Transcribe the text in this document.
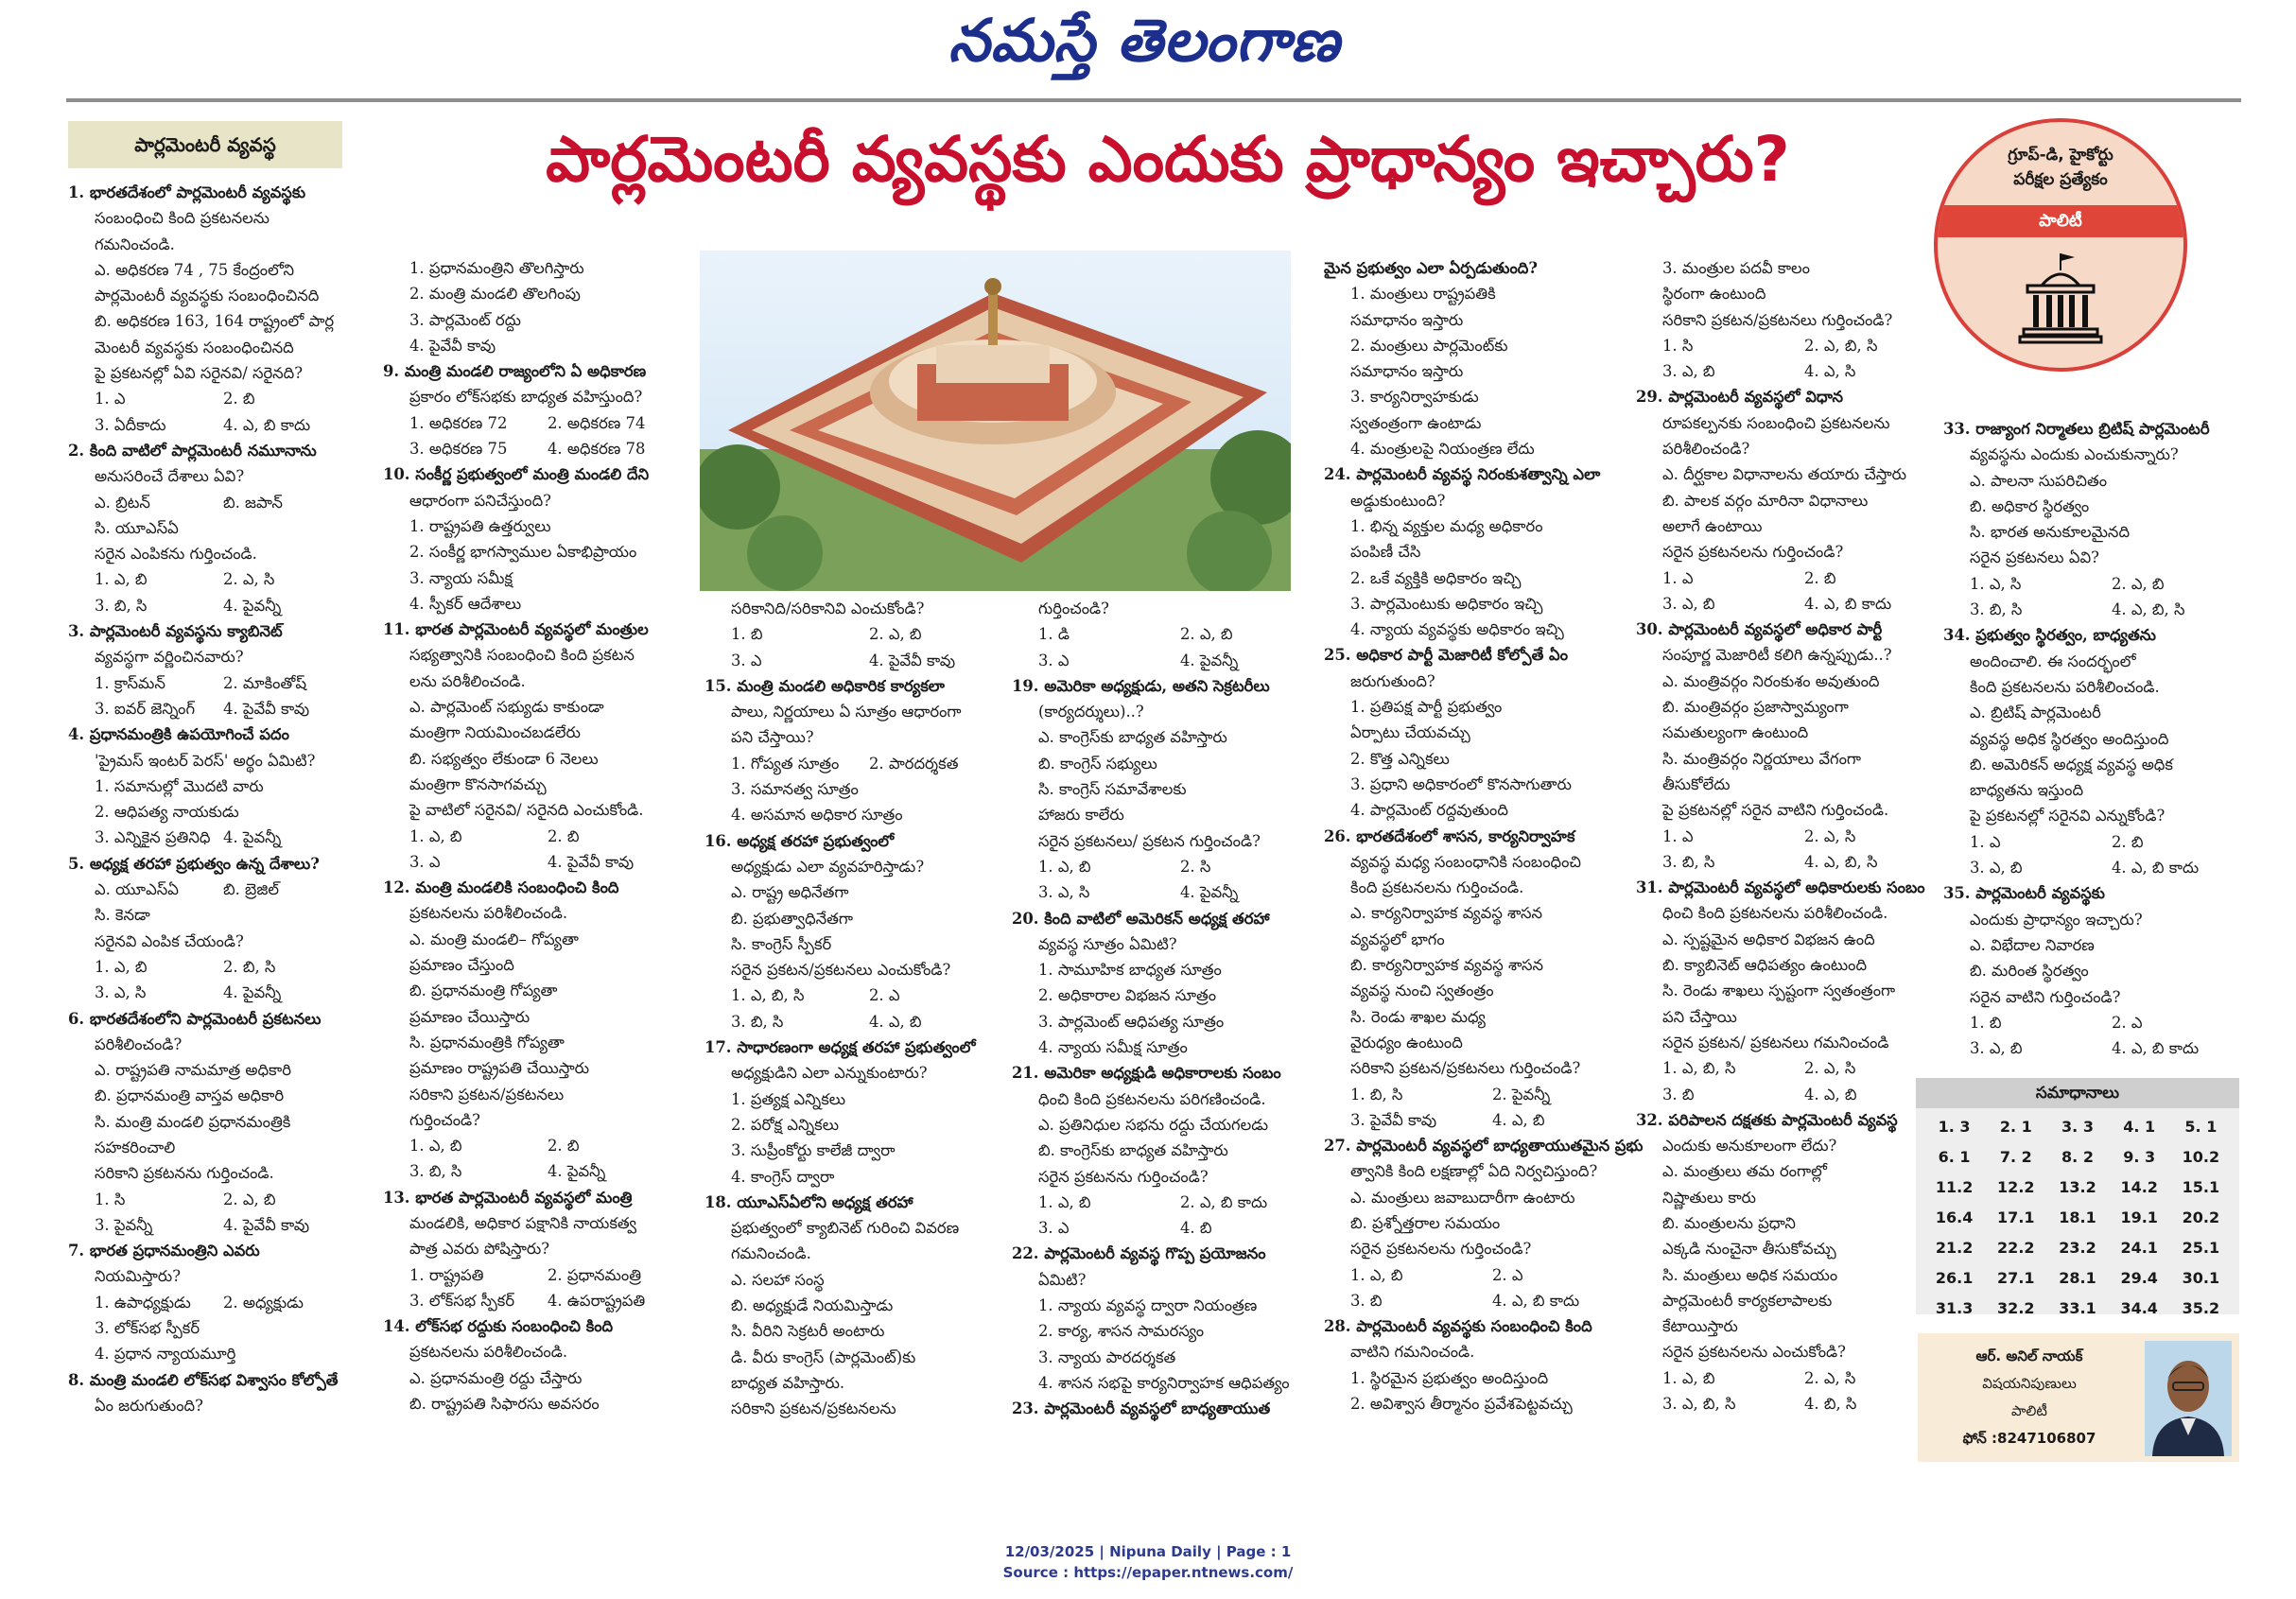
నమస్తే తెలంగాణ
పార్లమెంటరీ వ్యవస్థ	పార్లమెంటరీ వ్యవస్థకు ఎందుకు ప్రాధాన్యం ఇచ్చారు?	గ్రూప్‌-డి, హైకోర్టు
పరీక్షల ప్రత్యేకం
పాలిటీ

1. భారతదేశంలో పార్లమెంటరీ వ్యవస్థకు

సంబంధించి కింది ప్రకటనలను

గమనించండి.

ఎ. అధికరణ 74 , 75 కేంద్రంలోని

పార్లమెంటరీ వ్యవస్థకు సంబంధించినది

బి. అధికరణ 163, 164 రాష్ట్రంలో పార్ల

మెంటరీ వ్యవస్థకు సంబంధించినది

పై ప్రకటనల్లో ఏవి సరైనవి/ సరైనది?

1. ఎ	2. బి

3. ఏదీకాదు	4. ఎ, బి కాదు

2. కింది వాటిలో పార్లమెంటరీ నమూనాను

అనుసరించే దేశాలు ఏవి?

ఎ. బ్రిటన్‌	బి. జపాన్‌

సి. యూఎస్‌ఏ

సరైన ఎంపికను గుర్తించండి.

1. ఎ, బి	2. ఎ, సి

3. బి, సి	4. పైవన్నీ

3. పార్లమెంటరీ వ్యవస్థను క్యాబినెట్‌

వ్యవస్థగా వర్ణించినవారు?

1. క్రాస్‌మన్‌	2. మాకింతోష్‌

3. ఐవర్‌ జెన్నింగ్‌	4. పైవేవీ కావు

4. ప్రధానమంత్రికి ఉపయోగించే పదం

'ప్రైమస్‌ ఇంటర్‌ పెరస్‌' అర్థం ఏమిటి?

1. సమానుల్లో మొదటి వారు

2. ఆధిపత్య నాయకుడు

3. ఎన్నికైన ప్రతినిధి 4. పైవన్నీ

5. అధ్యక్ష తరహా ప్రభుత్వం ఉన్న దేశాలు?

ఎ. యూఎస్‌ఏ	బి. బ్రెజిల్‌

సి. కెనడా

సరైనవి ఎంపిక చేయండి?

1. ఎ, బి	2. బి, సి

3. ఎ, సి	4. పైవన్నీ

6. భారతదేశంలోని పార్లమెంటరీ ప్రకటనలు

పరిశీలించండి?

ఎ. రాష్ట్రపతి నామమాత్ర అధికారి

బి. ప్రధానమంత్రి వాస్తవ అధికారి

సి. మంత్రి మండలి ప్రధానమంత్రికి

సహకరించాలి

సరికాని ప్రకటనను గుర్తించండి.

1. సి	2. ఎ, బి

3. పైవన్నీ	4. పైవేవీ కావు

7. భారత ప్రధానమంత్రిని ఎవరు

నియమిస్తారు?

1. ఉపాధ్యక్షుడు	2. అధ్యక్షుడు

3. లోక్‌సభ స్పీకర్‌

4. ప్రధాన న్యాయమూర్తి

8. మంత్రి మండలి లోక్‌సభ విశ్వాసం కోల్పోతే

ఏం జరుగుతుంది?

1. ప్రధానమంత్రిని తొలగిస్తారు

2. మంత్రి మండలి తొలగింపు

3. పార్లమెంట్‌ రద్దు

4. పైవేవీ కావు

9. మంత్రి మండలి రాజ్యంలోని ఏ అధికారణ

ప్రకారం లోక్‌సభకు బాధ్యత వహిస్తుంది?

1. అధికరణ 72	2. అధికరణ 74

3. అధికరణ 75	4. అధికరణ 78

10. సంకీర్ణ ప్రభుత్వంలో మంత్రి మండలి దేని

ఆధారంగా పనిచేస్తుంది?

1. రాష్ట్రపతి ఉత్తర్వులు

2. సంకీర్ణ భాగస్వాముల ఏకాభిప్రాయం

3. న్యాయ సమీక్ష

4. స్పీకర్‌ ఆదేశాలు

11. భారత పార్లమెంటరీ వ్యవస్థలో మంత్రుల

సభ్యత్వానికి సంబంధించి కింది ప్రకటన

లను పరిశీలించండి.

ఎ. పార్లమెంట్‌ సభ్యుడు కాకుండా

మంత్రిగా నియమించబడలేరు

బి. సభ్యత్వం లేకుండా 6 నెలలు

మంత్రిగా కొనసాగవచ్చు

పై వాటిలో సరైనవి/ సరైనది ఎంచుకోండి.

1. ఎ, బి	2. బి

3. ఎ	4. పైవేవీ కావు

12. మంత్రి మండలికి సంబంధించి కింది

ప్రకటనలను పరిశీలించండి.

ఎ. మంత్రి మండలి– గోప్యతా

ప్రమాణం చేస్తుంది

బి. ప్రధానమంత్రి గోప్యతా

ప్రమాణం చేయిస్తారు

సి. ప్రధానమంత్రికి గోప్యతా

ప్రమాణం రాష్ట్రపతి చేయిస్తారు

సరికాని ప్రకటన/ప్రకటనలు

గుర్తించండి?

1. ఎ, బి	2. బి

3. బి, సి	4. పైవన్నీ

13. భారత పార్లమెంటరీ వ్యవస్థలో మంత్రి

మండలికి, అధికార పక్షానికి నాయకత్వ

పాత్ర ఎవరు పోషిస్తారు?

1. రాష్ట్రపతి	2. ప్రధానమంత్రి

3. లోక్‌సభ స్పీకర్‌	4. ఉపరాష్ట్రపతి

14. లోక్‌సభ రద్దుకు సంబంధించి కింది

ప్రకటనలను పరిశీలించండి.

ఎ. ప్రధానమంత్రి రద్దు చేస్తారు

బి. రాష్ట్రపతి సిఫారసు అవసరం

సరికానిది/సరికానివి ఎంచుకోండి?

1. బి	2. ఎ, బి

3. ఎ	4. పైవేవీ కావు

15. మంత్రి మండలి అధికారిక కార్యకలా

పాలు, నిర్ణయాలు ఏ సూత్రం ఆధారంగా

పని చేస్తాయి?

1. గోప్యత సూత్రం	2. పారదర్శకత

3. సమానత్వ సూత్రం

4. అసమాన అధికార సూత్రం

16. అధ్యక్ష తరహా ప్రభుత్వంలో

అధ్యక్షుడు ఎలా వ్యవహరిస్తాడు?

ఎ. రాష్ట్ర అధినేతగా

బి. ప్రభుత్వాధినేతగా

సి. కాంగ్రెస్‌ స్పీకర్‌

సరైన ప్రకటన/ప్రకటనలు ఎంచుకోండి?

1. ఎ, బి, సి	2. ఎ

3. బి, సి	4. ఎ, బి

17. సాధారణంగా అధ్యక్ష తరహా ప్రభుత్వంలో

అధ్యక్షుడిని ఎలా ఎన్నుకుంటారు?

1. ప్రత్యక్ష ఎన్నికలు

2. పరోక్ష ఎన్నికలు

3. సుప్రీంకోర్టు కాలేజీ ద్వారా

4. కాంగ్రెస్‌ ద్వారా

18. యూఎస్‌ఏలోని అధ్యక్ష తరహా

ప్రభుత్వంలో క్యాబినెట్‌ గురించి వివరణ

గమనించండి.

ఎ. సలహా సంస్థ

బి. అధ్యక్షుడే నియమిస్తాడు

సి. వీరిని సెక్రటరీ అంటారు

డి. వీరు కాంగ్రెస్‌ (పార్లమెంట్‌)కు

బాధ్యత వహిస్తారు.

సరికాని ప్రకటన/ప్రకటనలను

గుర్తించండి?

1. డి	2. ఎ, బి

3. ఎ	4. పైవన్నీ

19. అమెరికా అధ్యక్షుడు, అతని సెక్రటరీలు

(కార్యదర్శులు)..?

ఎ. కాంగ్రెస్‌కు బాధ్యత వహిస్తారు

బి. కాంగ్రెస్‌ సభ్యులు

సి. కాంగ్రెస్‌ సమావేశాలకు

హాజరు కాలేరు

సరైన ప్రకటనలు/ ప్రకటన గుర్తించండి?

1. ఎ, బి	2. సి

3. ఎ, సి	4. పైవన్నీ

20. కింది వాటిలో అమెరికన్‌ అధ్యక్ష తరహా

వ్యవస్థ సూత్రం ఏమిటి?

1. సామూహిక బాధ్యత సూత్రం

2. అధికారాల విభజన సూత్రం

3. పార్లమెంట్‌ ఆధిపత్య సూత్రం

4. న్యాయ సమీక్ష సూత్రం

21. అమెరికా అధ్యక్షుడి అధికారాలకు సంబం

ధించి కింది ప్రకటనలను పరిగణించండి.

ఎ. ప్రతినిధుల సభను రద్దు చేయగలడు

బి. కాంగ్రెస్‌కు బాధ్యత వహిస్తారు

సరైన ప్రకటనను గుర్తించండి?

1. ఎ, బి	2. ఎ, బి కాదు

3. ఎ	4. బి

22. పార్లమెంటరీ వ్యవస్థ గొప్ప ప్రయోజనం

ఏమిటి?

1. న్యాయ వ్యవస్థ ద్వారా నియంత్రణ

2. కార్య, శాసన సామరస్యం

3. న్యాయ పారదర్శకత

4. శాసన సభపై కార్యనిర్వాహక ఆధిపత్యం

23. పార్లమెంటరీ వ్యవస్థలో బాధ్యతాయుత

మైన ప్రభుత్వం ఎలా ఏర్పడుతుంది?

1. మంత్రులు రాష్ట్రపతికి

సమాధానం ఇస్తారు

2. మంత్రులు పార్లమెంట్‌కు

సమాధానం ఇస్తారు

3. కార్యనిర్వాహకుడు

స్వతంత్రంగా ఉంటాడు

4. మంత్రులపై నియంత్రణ లేదు

24. పార్లమెంటరీ వ్యవస్థ నిరంకుశత్వాన్ని ఎలా

అడ్డుకుంటుంది?

1. భిన్న వ్యక్తుల మధ్య అధికారం

పంపిణీ చేసి

2. ఒకే వ్యక్తికి అధికారం ఇచ్చి

3. పార్లమెంటుకు అధికారం ఇచ్చి

4. న్యాయ వ్యవస్థకు అధికారం ఇచ్చి

25. అధికార పార్టీ మెజారిటీ కోల్పోతే ఏం

జరుగుతుంది?

1. ప్రతిపక్ష పార్టీ ప్రభుత్వం

ఏర్పాటు చేయవచ్చు

2. కొత్త ఎన్నికలు

3. ప్రధాని అధికారంలో కొనసాగుతారు

4. పార్లమెంట్‌ రద్దవుతుంది

26. భారతదేశంలో శాసన, కార్యనిర్వాహక

వ్యవస్థ మధ్య సంబంధానికి సంబంధించి

కింది ప్రకటనలను గుర్తించండి.

ఎ. కార్యనిర్వాహక వ్యవస్థ శాసన

వ్యవస్థలో భాగం

బి. కార్యనిర్వాహక వ్యవస్థ శాసన

వ్యవస్థ నుంచి స్వతంత్రం

సి. రెండు శాఖల మధ్య

వైరుధ్యం ఉంటుంది

సరికాని ప్రకటన/ప్రకటనలు గుర్తించండి?

1. బి, సి	2. పైవన్నీ

3. పైవేవీ కావు	4. ఎ, బి

27. పార్లమెంటరీ వ్యవస్థలో బాధ్యతాయుతమైన ప్రభు

త్వానికి కింది లక్షణాల్లో ఏది నిర్వచిస్తుంది?

ఎ. మంత్రులు జవాబుదారీగా ఉంటారు

బి. ప్రశ్నోత్తరాల సమయం

సరైన ప్రకటనలను గుర్తించండి?

1. ఎ, బి	2. ఎ

3. బి	4. ఎ, బి కాదు

28. పార్లమెంటరీ వ్యవస్థకు సంబంధించి కింది

వాటిని గమనించండి.

1. స్థిరమైన ప్రభుత్వం అందిస్తుంది

2. అవిశ్వాస తీర్మానం ప్రవేశపెట్టవచ్చు

3. మంత్రుల పదవీ కాలం

స్థిరంగా ఉంటుంది

సరికాని ప్రకటన/ప్రకటనలు గుర్తించండి?

1. సి	2. ఎ, బి, సి

3. ఎ, బి	4. ఎ, సి

29. పార్లమెంటరీ వ్యవస్థలో విధాన

రూపకల్పనకు సంబంధించి ప్రకటనలను

పరిశీలించండి?

ఎ. దీర్ఘకాల విధానాలను తయారు చేస్తారు

బి. పాలక వర్గం మారినా విధానాలు

అలాగే ఉంటాయి

సరైన ప్రకటనలను గుర్తించండి?

1. ఎ	2. బి

3. ఎ, బి	4. ఎ, బి కాదు

30. పార్లమెంటరీ వ్యవస్థలో అధికార పార్టీ

సంపూర్ణ మెజారిటీ కలిగి ఉన్నప్పుడు..?

ఎ. మంత్రివర్గం నిరంకుశం అవుతుంది

బి. మంత్రివర్గం ప్రజాస్వామ్యంగా

సమతుల్యంగా ఉంటుంది

సి. మంత్రివర్గం నిర్ణయాలు వేగంగా

తీసుకోలేదు

పై ప్రకటనల్లో సరైన వాటిని గుర్తించండి.

1. ఎ	2. ఎ, సి

3. బి, సి	4. ఎ, బి, సి

31. పార్లమెంటరీ వ్యవస్థలో అధికారులకు సంబం

ధించి కింది ప్రకటనలను పరిశీలించండి.

ఎ. స్పష్టమైన అధికార విభజన ఉంది

బి. క్యాబినెట్‌ ఆధిపత్యం ఉంటుంది

సి. రెండు శాఖలు స్పష్టంగా స్వతంత్రంగా

పని చేస్తాయి

సరైన ప్రకటన/ ప్రకటనలు గమనించండి

1. ఎ, బి, సి	2. ఎ, సి

3. బి	4. ఎ, బి

32. పరిపాలన దక్షతకు పార్లమెంటరీ వ్యవస్థ

ఎందుకు అనుకూలంగా లేదు?

ఎ. మంత్రులు తమ రంగాల్లో

నిష్ణాతులు కారు

బి. మంత్రులను ప్రధాని

ఎక్కడి నుంచైనా తీసుకోవచ్చు

సి. మంత్రులు అధిక సమయం

పార్లమెంటరీ కార్యకలాపాలకు

కేటాయిస్తారు

సరైన ప్రకటనలను ఎంచుకోండి?

1. ఎ, బి	2. ఎ, సి

3. ఎ, బి, సి	4. బి, సి

33. రాజ్యాంగ నిర్మాతలు బ్రిటిష్‌ పార్లమెంటరీ

వ్యవస్థను ఎందుకు ఎంచుకున్నారు?

ఎ. పాలనా సుపరిచితం

బి. అధికార స్థిరత్వం

సి. భారత అనుకూలమైనది

సరైన ప్రకటనలు ఏవి?

1. ఎ, సి	2. ఎ, బి

3. బి, సి	4. ఎ, బి, సి

34. ప్రభుత్వం స్థిరత్వం, బాధ్యతను

అందించాలి. ఈ సందర్భంలో

కింది ప్రకటనలను పరిశీలించండి.

ఎ. బ్రిటిష్‌ పార్లమెంటరీ

వ్యవస్థ అధిక స్థిరత్వం అందిస్తుంది

బి. అమెరికన్‌ అధ్యక్ష వ్యవస్థ అధిక

బాధ్యతను ఇస్తుంది

పై ప్రకటనల్లో సరైనవి ఎన్నుకోండి?

1. ఎ	2. బి

3. ఎ, బి	4. ఎ, బి కాదు

35. పార్లమెంటరీ వ్యవస్థకు

ఎందుకు ప్రాధాన్యం ఇచ్చారు?

ఎ. విభేదాల నివారణ

బి. మరింత స్థిరత్వం

సరైన వాటిని గుర్తించండి?

1. బి	2. ఎ

3. ఎ, బి	4. ఎ, బి కాదు

సమాధానాలు
1. 3	2. 1	3. 3	4. 1	5. 1
6. 1	7. 2	8. 2	9. 3	10.2
11.2	12.2	13.2	14.2	15.1
16.4	17.1	18.1	19.1	20.2
21.2	22.2	23.2	24.1	25.1
26.1	27.1	28.1	29.4	30.1
31.3	32.2	33.1	34.4	35.2
ఆర్‌. అనిల్‌ నాయక్‌
విషయనిపుణులు
పాలిటీ
ఫోన్‌ :8247106807
12/03/2025 | Nipuna Daily | Page : 1
Source : https://epaper.ntnews.com/
